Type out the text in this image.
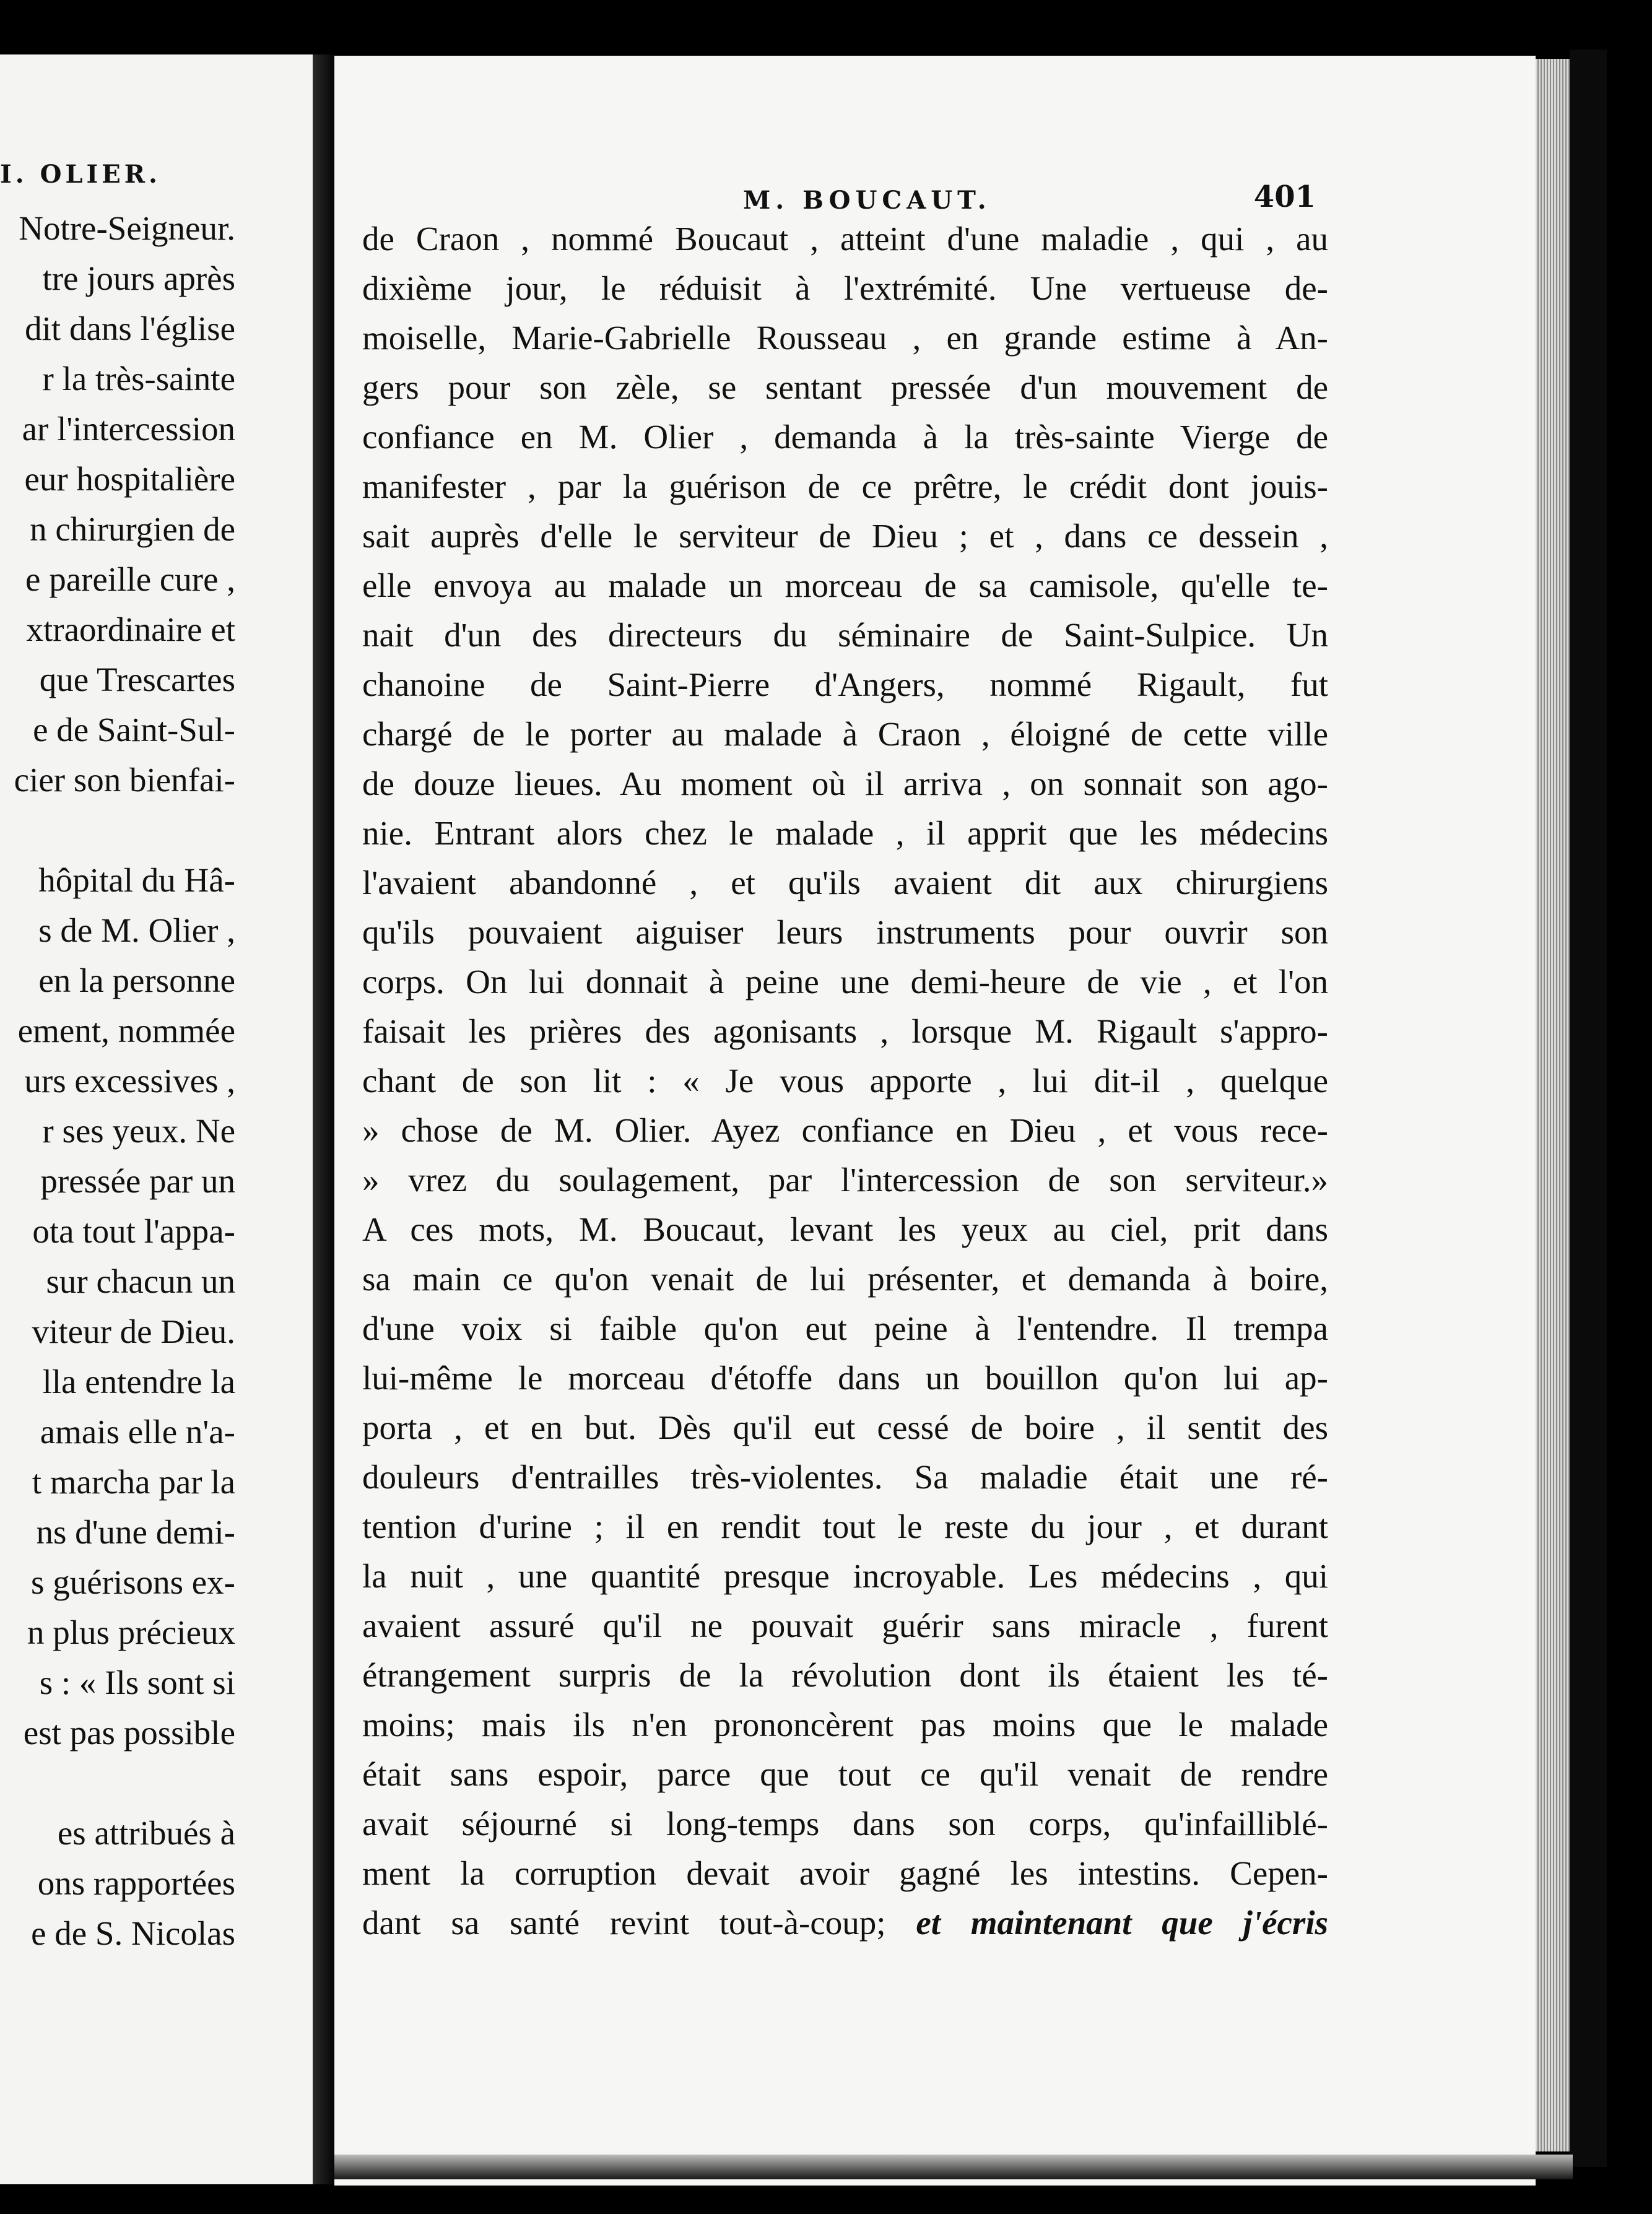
I. OLIER.
Notre-Seigneur.
tre jours après
dit dans l'église
r la très-sainte
ar l'intercession
eur hospitalière
n chirurgien de
e pareille cure ,
xtraordinaire et
que Trescartes
e de Saint-Sul-
cier son bienfai-
hôpital du Hâ-
s de M. Olier ,
en la personne
ement, nommée
urs excessives ,
r ses yeux. Ne
pressée par un
ota tout l'appa-
sur chacun un
viteur de Dieu.
lla entendre la
amais elle n'a-
t marcha par la
ns d'une demi-
s guérisons ex-
n plus précieux
s : « Ils sont si
est pas possible
es attribués à
ons rapportées
e de S. Nicolas
M. BOUCAUT.	401
de Craon , nommé Boucaut , atteint d'une maladie , qui , au
dixième jour, le réduisit à l'extrémité. Une vertueuse de-
moiselle, Marie-Gabrielle Rousseau , en grande estime à An-
gers pour son zèle, se sentant pressée d'un mouvement de
confiance en M. Olier , demanda à la très-sainte Vierge de
manifester , par la guérison de ce prêtre, le crédit dont jouis-
sait auprès d'elle le serviteur de Dieu ; et , dans ce dessein ,
elle envoya au malade un morceau de sa camisole, qu'elle te-
nait d'un des directeurs du séminaire de Saint-Sulpice. Un
chanoine de Saint-Pierre d'Angers, nommé Rigault, fut
chargé de le porter au malade à Craon , éloigné de cette ville
de douze lieues. Au moment où il arriva , on sonnait son ago-
nie. Entrant alors chez le malade , il apprit que les médecins
l'avaient abandonné , et qu'ils avaient dit aux chirurgiens
qu'ils pouvaient aiguiser leurs instruments pour ouvrir son
corps. On lui donnait à peine une demi-heure de vie , et l'on
faisait les prières des agonisants , lorsque M. Rigault s'appro-
chant de son lit : « Je vous apporte , lui dit-il , quelque
» chose de M. Olier. Ayez confiance en Dieu , et vous rece-
» vrez du soulagement, par l'intercession de son serviteur.»
A ces mots, M. Boucaut, levant les yeux au ciel, prit dans
sa main ce qu'on venait de lui présenter, et demanda à boire,
d'une voix si faible qu'on eut peine à l'entendre. Il trempa
lui-même le morceau d'étoffe dans un bouillon qu'on lui ap-
porta , et en but. Dès qu'il eut cessé de boire , il sentit des
douleurs d'entrailles très-violentes. Sa maladie était une ré-
tention d'urine ; il en rendit tout le reste du jour , et durant
la nuit , une quantité presque incroyable. Les médecins , qui
avaient assuré qu'il ne pouvait guérir sans miracle , furent
étrangement surpris de la révolution dont ils étaient les té-
moins; mais ils n'en prononcèrent pas moins que le malade
était sans espoir, parce que tout ce qu'il venait de rendre
avait séjourné si long-temps dans son corps, qu'infailliblé-
ment la corruption devait avoir gagné les intestins. Cepen-
dant sa santé revint tout-à-coup; et maintenant que j'écris
